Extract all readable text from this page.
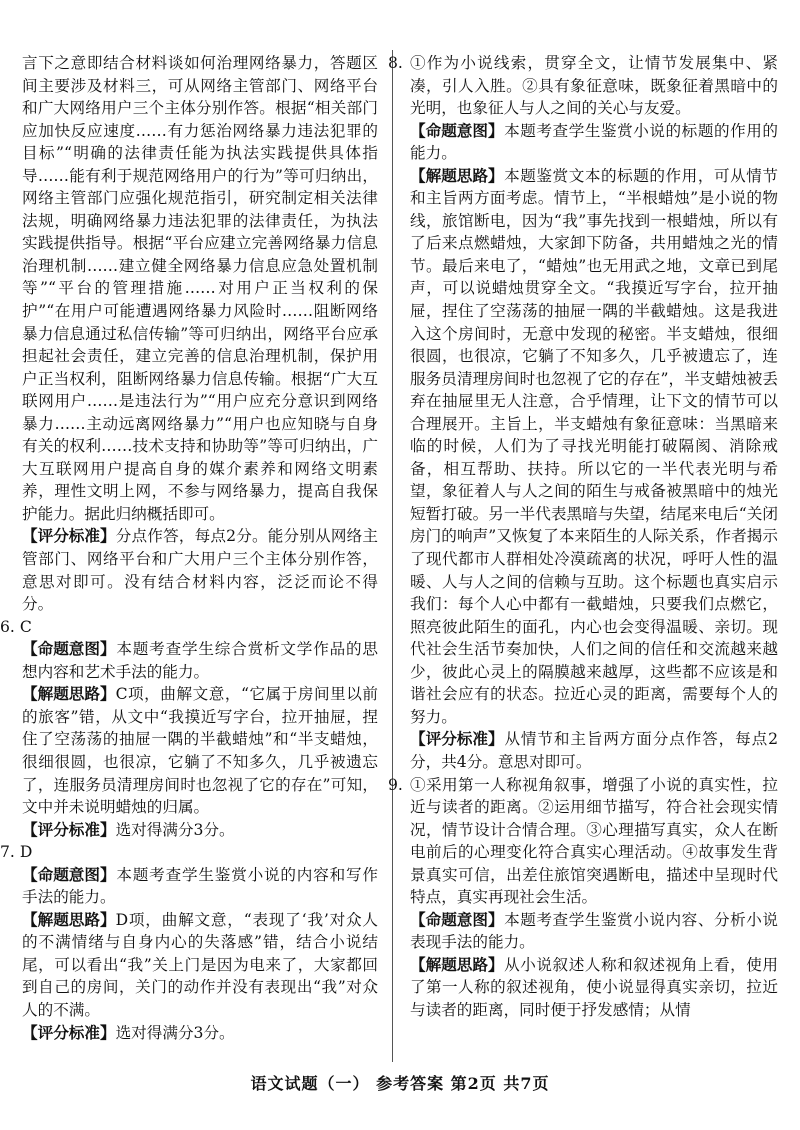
言下之意即结合材料谈如何治理网络暴力，答题区间主要涉及材料三，可从网络主管部门、网络平台和广大网络用户三个主体分别作答。根据“相关部门应加快反应速度……有力惩治网络暴力违法犯罪的目标”“明确的法律责任能为执法实践提供具体指导……能有利于规范网络用户的行为”等可归纳出，网络主管部门应强化规范指引，研究制定相关法律法规，明确网络暴力违法犯罪的法律责任，为执法实践提供指导。根据“平台应建立完善网络暴力信息治理机制……建立健全网络暴力信息应急处置机制等”“平台的管理措施……对用户正当权利的保护”“在用户可能遭遇网络暴力风险时……阻断网络暴力信息通过私信传输”等可归纳出，网络平台应承担起社会责任，建立完善的信息治理机制，保护用户正当权利，阻断网络暴力信息传输。根据“广大互联网用户……是违法行为”“用户应充分意识到网络暴力……主动远离网络暴力”“用户也应知晓与自身有关的权利……技术支持和协助等”等可归纳出，广大互联网用户提高自身的媒介素养和网络文明素养，理性文明上网，不参与网络暴力，提高自我保护能力。据此归纳概括即可。

【评分标准】分点作答，每点2分。能分别从网络主管部门、网络平台和广大用户三个主体分别作答，意思对即可。没有结合材料内容，泛泛而论不得分。

6. C

【命题意图】本题考查学生综合赏析文学作品的思想内容和艺术手法的能力。

【解题思路】C项，曲解文意，“它属于房间里以前的旅客”错，从文中“我摸近写字台，拉开抽屉，捏住了空荡荡的抽屉一隅的半截蜡烛”和“半支蜡烛，很细很圆，也很凉，它躺了不知多久，几乎被遗忘了，连服务员清理房间时也忽视了它的存在”可知，文中并未说明蜡烛的归属。

【评分标准】选对得满分3分。

7. D

【命题意图】本题考查学生鉴赏小说的内容和写作手法的能力。

【解题思路】D项，曲解文意，“表现了‘我’对众人的不满情绪与自身内心的失落感”错，结合小说结尾，可以看出“我”关上门是因为电来了，大家都回到自己的房间，关门的动作并没有表现出“我”对众人的不满。

【评分标准】选对得满分3分。

8. ①作为小说线索，贯穿全文，让情节发展集中、紧凑，引人入胜。②具有象征意味，既象征着黑暗中的光明，也象征人与人之间的关心与友爱。

【命题意图】本题考查学生鉴赏小说的标题的作用的能力。

【解题思路】本题鉴赏文本的标题的作用，可从情节和主旨两方面考虑。情节上，“半根蜡烛”是小说的物线，旅馆断电，因为“我”事先找到一根蜡烛，所以有了后来点燃蜡烛，大家卸下防备，共用蜡烛之光的情节。最后来电了，“蜡烛”也无用武之地，文章已到尾声，可以说蜡烛贯穿全文。“我摸近写字台，拉开抽屉，捏住了空荡荡的抽屉一隅的半截蜡烛。这是我进入这个房间时，无意中发现的秘密。半支蜡烛，很细很圆，也很凉，它躺了不知多久，几乎被遗忘了，连服务员清理房间时也忽视了它的存在”，半支蜡烛被丢弃在抽屉里无人注意，合乎情理，让下文的情节可以合理展开。主旨上，半支蜡烛有象征意味：当黑暗来临的时候，人们为了寻找光明能打破隔阂、消除戒备，相互帮助、扶持。所以它的一半代表光明与希望，象征着人与人之间的陌生与戒备被黑暗中的烛光短暂打破。另一半代表黑暗与失望，结尾来电后“关闭房门的响声”又恢复了本来陌生的人际关系，作者揭示了现代都市人群相处冷漠疏离的状况，呼吁人性的温暖、人与人之间的信赖与互助。这个标题也真实启示我们：每个人心中都有一截蜡烛，只要我们点燃它，照亮彼此陌生的面孔，内心也会变得温暖、亲切。现代社会生活节奏加快，人们之间的信任和交流越来越少，彼此心灵上的隔膜越来越厚，这些都不应该是和谐社会应有的状态。拉近心灵的距离，需要每个人的努力。

【评分标准】从情节和主旨两方面分点作答，每点2分，共4分。意思对即可。

9. ①采用第一人称视角叙事，增强了小说的真实性，拉近与读者的距离。②运用细节描写，符合社会现实情况，情节设计合情合理。③心理描写真实，众人在断电前后的心理变化符合真实心理活动。④故事发生背景真实可信，出差住旅馆突遇断电，描述中呈现时代特点，真实再现社会生活。

【命题意图】本题考查学生鉴赏小说内容、分析小说表现手法的能力。

【解题思路】从小说叙述人称和叙述视角上看，使用了第一人称的叙述视角，使小说显得真实亲切，拉近与读者的距离，同时便于抒发感情；从情

语文试题（一） 参考答案 第2页 共7页
